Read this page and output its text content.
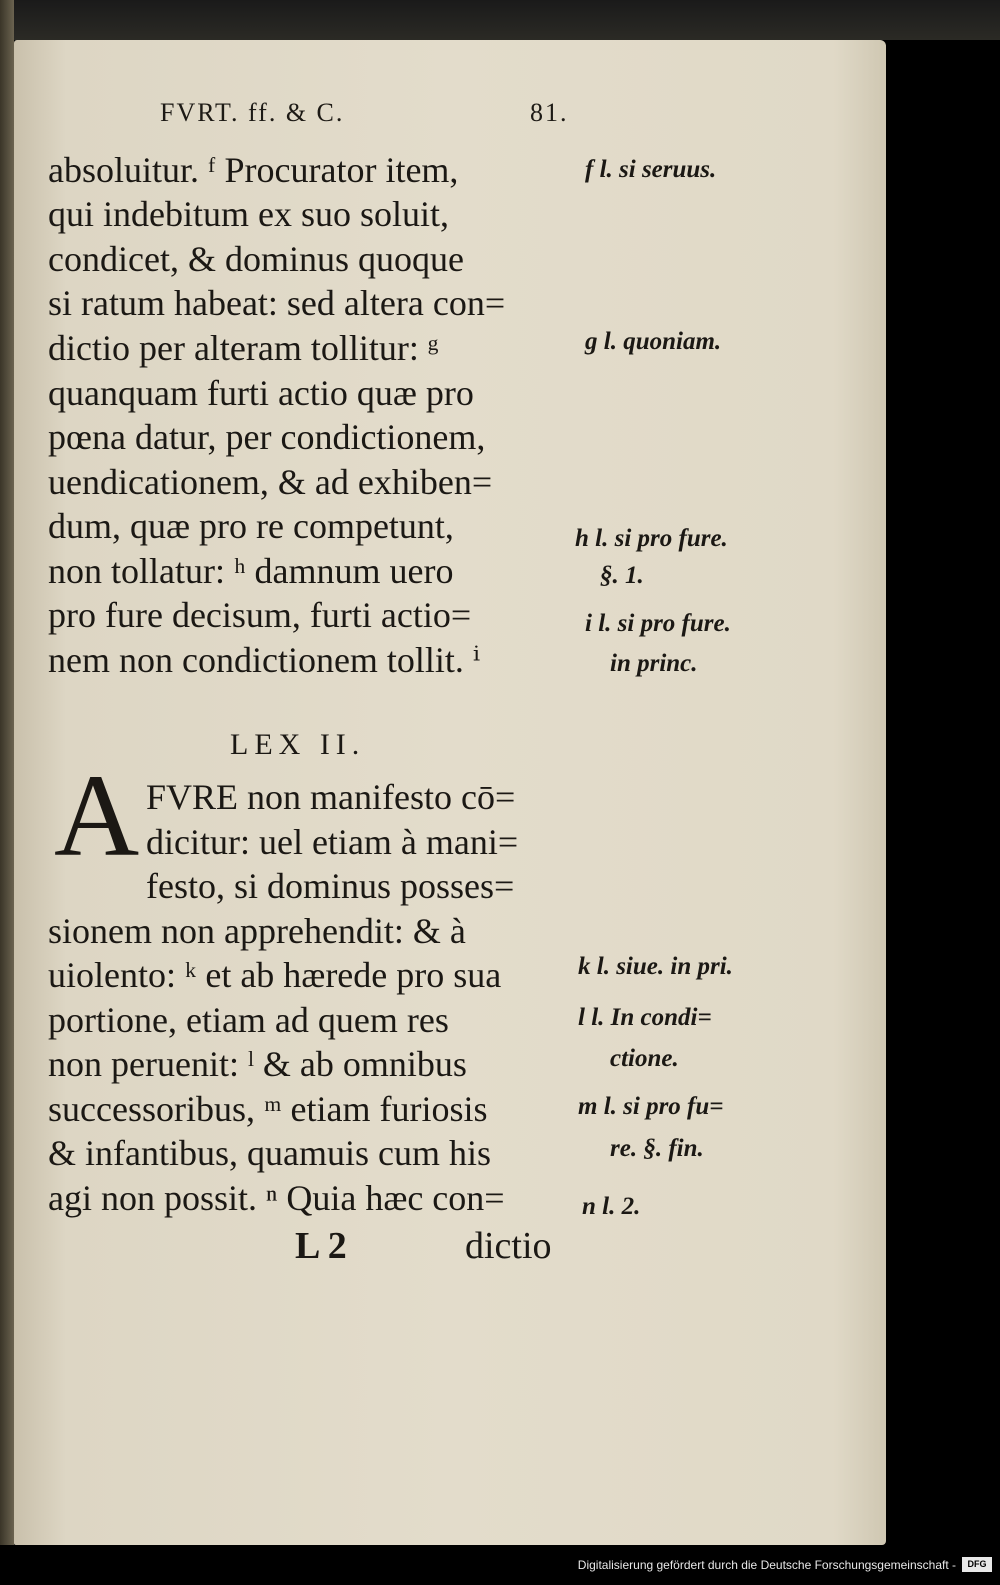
FVRT. ff. & C.	81.
absoluitur. ᶠ Procurator item,
qui indebitum ex suo soluit,
condicet, & dominus quoque
si ratum habeat: sed altera con=
dictio per alteram tollitur: ᵍ
quanquam furti actio quæ pro
pœna datur, per condictionem,
uendicationem, & ad exhiben=
dum, quæ pro re competunt,
non tollatur: ʰ damnum uero
pro fure decisum, furti actio=
nem non condictionem tollit. ⁱ
LEX II.
A FVRE non manifesto cō=
dicitur: uel etiam à mani=
festo, si dominus posses=
sionem non apprehendit: & à
uiolento: ᵏ et ab hærede pro sua
portione, etiam ad quem res
non peruenit: ˡ & ab omnibus
successoribus, ᵐ etiam furiosis
& infantibus, quamuis cum his
agi non possit. ⁿ Quia hæc con=
f l. si seruus.
g l. quoniam.
h l. si pro fure.
§. 1.
i l. si pro fure.
in princ.
k l. siue. in pri.
l l. In condi=
ctione.
m l. si pro fu=
re. §. fin.
n l. 2.
L 2	dictio
Digitalisierung gefördert durch die Deutsche Forschungsgemeinschaft -	DFG
